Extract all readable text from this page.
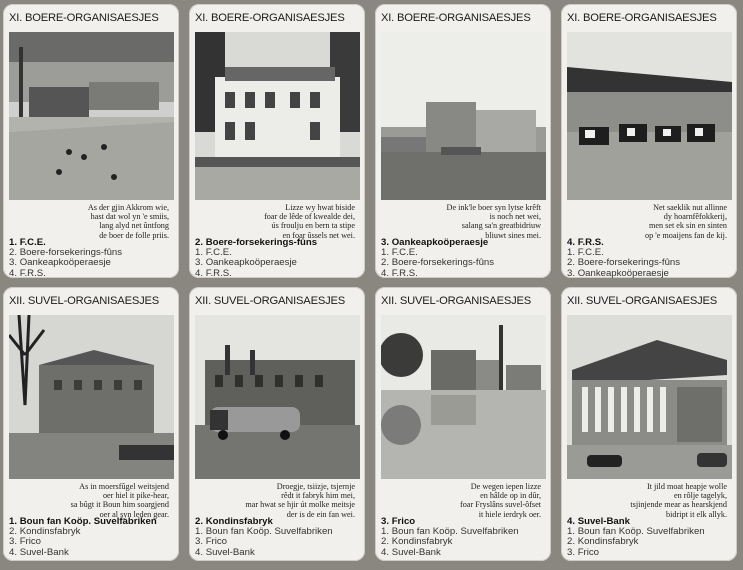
XI. BOERE-ORGANISAESJES
As der gjin Akkrom wie,
hast dat wol yn 'e smiis,
lang alyd net ûntfong
de boer de folle priis.
1. F.C.E.
2. Boere-forsekerings-fûns
3. Oankeapkoöperaesje
4. F.R.S.
XI. BOERE-ORGANISAESJES
Lizze wy hwat biside
foar de lêde of kwealde dei,
ús froulju en bern ta stipe
en foar ûssels net wei.
2. Boere-forsekerings-fûns
1. F.C.E.
3. Oankeapkoöperaesje
4. F.R.S.
XI. BOERE-ORGANISAESJES
De ink'le boer syn lytse krêft
is noch net wei,
salang sa'n greatbidriuw
bliuwt sines mei.
3. Oankeapkoöperaesje
1. F.C.E.
2. Boere-forsekerings-fûns
4. F.R.S.
XI. BOERE-ORGANISAESJES
Net saeklik nut allinne
dy hoarnfêfokkerij,
men set ek sin en sinten
op 'e moaijens fan de kij.
4. F.R.S.
1. F.C.E.
2. Boere-forsekerings-fûns
3. Oankeapkoöperaesje
XII. SUVEL-ORGANISAESJES
As in moersfûgel weitsjend
oer hiel it pike-hear,
sa bûgt it Boun him soargjend
oer al syn leden gear.
1. Boun fan Koöp. Suvelfabriken
2. Kondinsfabryk
3. Frico
4. Suvel-Bank
XII. SUVEL-ORGANISAESJES
Droegje, tsiizje, tsjernje
rêdt it fabryk him mei,
mar hwat se hjir út molke meitsje
der is de ein fan wei.
2. Kondinsfabryk
1. Boun fan Koöp. Suvelfabriken
3. Frico
4. Suvel-Bank
XII. SUVEL-ORGANISAESJES
De wegen iepen lizze
en hâlde op in dûr,
foar Fryslâns suvel-ôfset
it hiele ierdryk oer.
3. Frico
1. Boun fan Koöp. Suvelfabriken
2. Kondinsfabryk
4. Suvel-Bank
XII. SUVEL-ORGANISAESJES
It jild moat heapje wolle
en rôlje tagelyk,
tsjinjende mear as hearskjend
bidript it elk allyk.
4. Suvel-Bank
1. Boun fan Koöp. Suvelfabriken
2. Kondinsfabryk
3. Frico
